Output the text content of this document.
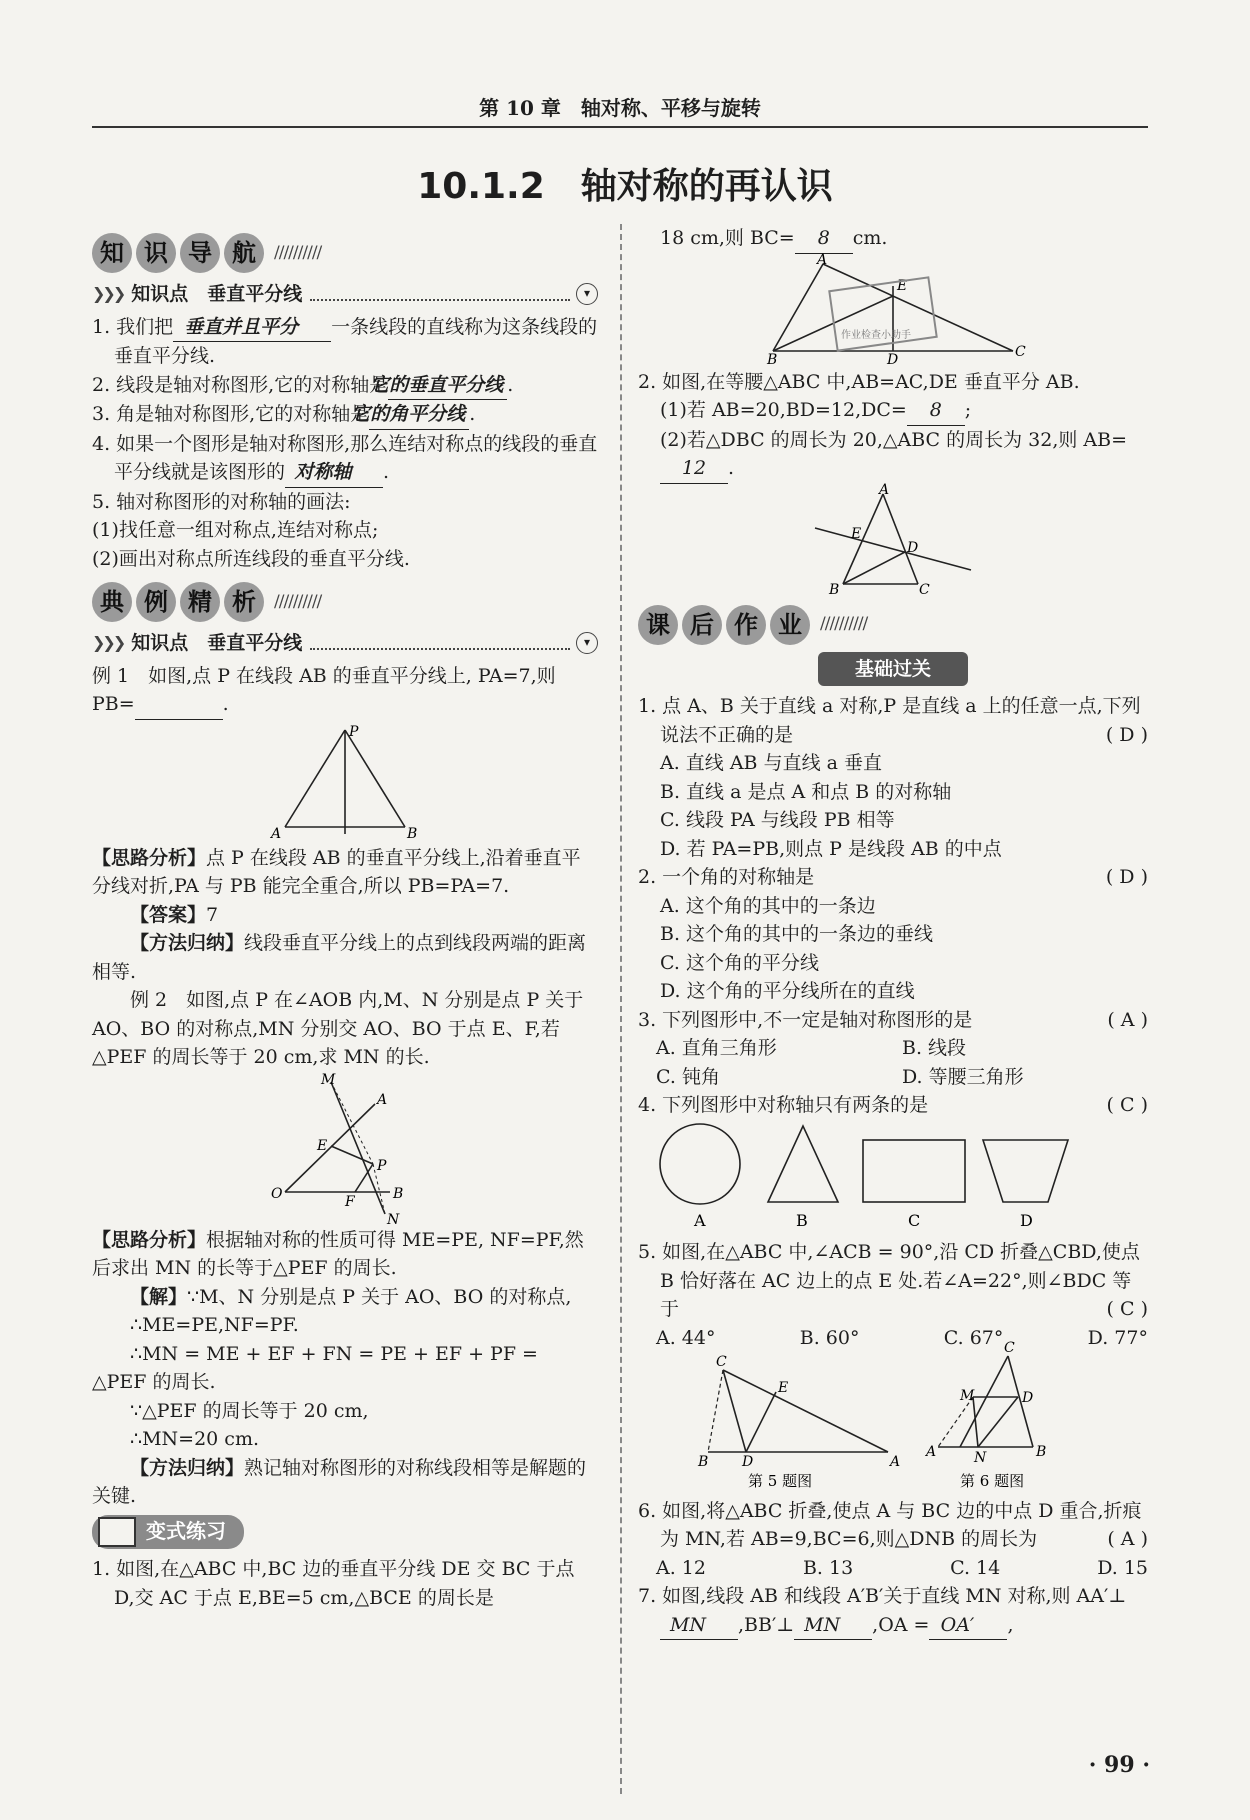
第 10 章　轴对称、平移与旋转
10.1.2　轴对称的再认识
知 识 导 航	//////////
❯❯❯ 知识点　垂直平分线	▾

1. 我们把 垂直并且平分 一条线段的直线称为这条线段的垂直平分线.

2. 线段是轴对称图形,它的对称轴是它的垂直平分线 .

3. 角是轴对称图形,它的对称轴是它的角平分线 .

4. 如果一个图形是轴对称图形,那么连结对称点的线段的垂直平分线就是该图形的 对称轴 .

5. 轴对称图形的对称轴的画法:

(1)找任意一组对称点,连结对称点;

(2)画出对称点所连线段的垂直平分线.

典 例 精 析	//////////
❯❯❯ 知识点　垂直平分线	▾

例 1　如图,点 P 在线段 AB 的垂直平分线上, PA=7,则 PB=	.

P
A	B

【思路分析】点 P 在线段 AB 的垂直平分线上,沿着垂直平分线对折,PA 与 PB 能完全重合,所以 PB=PA=7.

【答案】7

【方法归纳】线段垂直平分线上的点到线段两端的距离相等.

例 2　如图,点 P 在∠AOB 内,M、N 分别是点 P 关于 AO、BO 的对称点,MN 分别交 AO、BO 于点 E、F,若△PEF 的周长等于 20 cm,求 MN 的长.

M
A
E
P
O	F	B
N

【思路分析】根据轴对称的性质可得 ME=PE, NF=PF,然后求出 MN 的长等于△PEF 的周长.

【解】∵M、N 分别是点 P 关于 AO、BO 的对称点,

∴ME=PE,NF=PF.

∴MN = ME + EF + FN = PE + EF + PF = △PEF 的周长.

∵△PEF 的周长等于 20 cm,

∴MN=20 cm.

【方法归纳】熟记轴对称图形的对称线段相等是解题的关键.

变式练习

1. 如图,在△ABC 中,BC 边的垂直平分线 DE 交 BC 于点 D,交 AC 于点 E,BE=5 cm,△BCE 的周长是

18 cm,则 BC= 8 cm.

A
E
B	D	C
作业检查小助手

2. 如图,在等腰△ABC 中,AB=AC,DE 垂直平分 AB.

(1)若 AB=20,BD=12,DC= 8 ;

(2)若△DBC 的周长为 20,△ABC 的周长为 32,则 AB=12 .

A
E
D
B	C
课 后 作 业	//////////
基础过关

1. 点 A、B 关于直线 a 对称,P 是直线 a 上的任意一点,下列说法不正确的是	( D )

A. 直线 AB 与直线 a 垂直

B. 直线 a 是点 A 和点 B 的对称轴

C. 线段 PA 与线段 PB 相等

D. 若 PA=PB,则点 P 是线段 AB 的中点

2. 一个角的对称轴是	( D )

A. 这个角的其中的一条边

B. 这个角的其中的一条边的垂线

C. 这个角的平分线

D. 这个角的平分线所在的直线

3. 下列图形中,不一定是轴对称图形的是	( A )

A. 直角三角形	B. 线段
C. 钝角	D. 等腰三角形

4. 下列图形中对称轴只有两条的是	( C )

A	B	C	D

5. 如图,在△ABC 中,∠ACB = 90°,沿 CD 折叠△CBD,使点 B 恰好落在 AC 边上的点 E 处.若∠A=22°,则∠BDC 等于	( C )

A. 44°	B. 60°	C. 67°	D. 77°
C
E
B D	A
第 5 题图
C
M	D
A	N	B
第 6 题图

6. 如图,将△ABC 折叠,使点 A 与 BC 边的中点 D 重合,折痕为 MN,若 AB=9,BC=6,则△DNB 的周长为	( A )

A. 12	B. 13	C. 14	D. 15

7. 如图,线段 AB 和线段 A′B′关于直线 MN 对称,则 AA′⊥MN ,BB′⊥ MN ,OA = OA′ ,

· 99 ·
